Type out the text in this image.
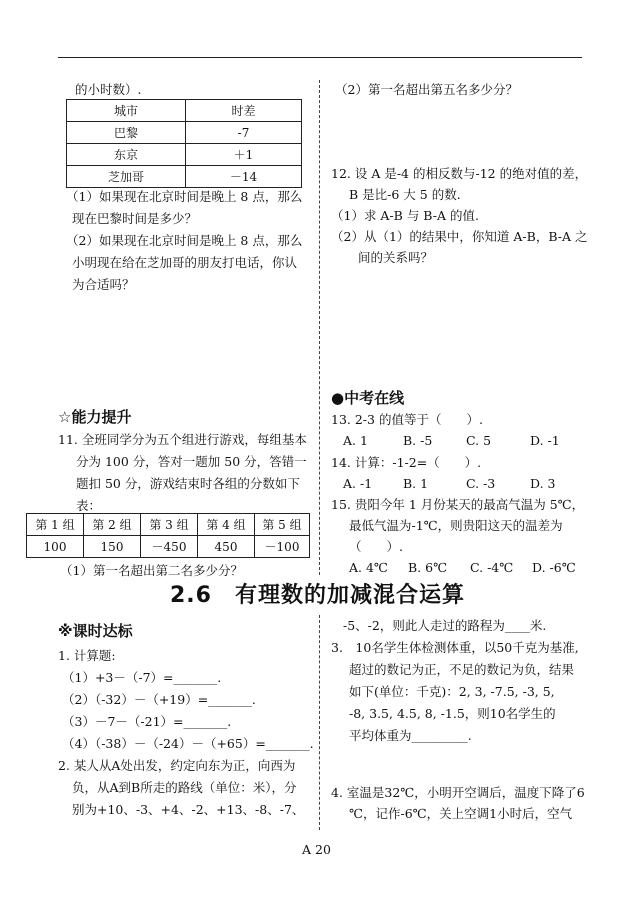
的小时数）.
城市	时差
巴黎	-7
东京	＋1
芝加哥	－14
（1）如果现在北京时间是晚上 8 点，那么
现在巴黎时间是多少？
（2）如果现在北京时间是晚上 8 点，那么
小明现在给在芝加哥的朋友打电话，你认
为合适吗？
☆能力提升
11. 全班同学分为五个组进行游戏，每组基本
分为 100 分，答对一题加 50 分，答错一
题扣 50 分，游戏结束时各组的分数如下
表：
第 1 组	第 2 组	第 3 组	第 4 组	第 5 组
100	150	－450	450	－100
（1）第一名超出第二名多少分？
（2）第一名超出第五名多少分？
12. 设 A 是-4 的相反数与-12 的绝对值的差，
B 是比-6 大 5 的数.
（1）求 A-B 与 B-A 的值.
（2）从（1）的结果中，你知道 A-B，B-A 之
间的关系吗？
●中考在线
13. 2-3 的值等于（　　）.
A. 1	B. -5	C. 5	D. -1
14. 计算：-1-2=（　　）.
A. -1 B. 1	C. -3	D. 3
15. 贵阳今年 1 月份某天的最高气温为 5℃，
最低气温为-1℃，则贵阳这天的温差为
（　　）.
A. 4℃ B. 6℃ C. -4℃ D. -6℃
2.6　有理数的加减混合运算
※课时达标
1. 计算题:
（1）+3－（-7）=_______.
（2）（-32）－（+19）=_______.
（3）－7－（-21）=_______.
（4）（-38）－（-24）－（+65）=_______.
2. 某人从A处出发，约定向东为正，向西为
负，从A到B所走的路线（单位：米），分
别为+10、-3、+4、-2、+13、-8、-7、
-5、-2，则此人走过的路程为____米.
3.　10名学生体检测体重，以50千克为基准,
超过的数记为正，不足的数记为负，结果
如下(单位：千克)：2, 3, -7.5, -3, 5,
-8, 3.5, 4.5, 8, -1.5，则10名学生的
平均体重为_________.
4. 室温是32℃，小明开空调后，温度下降了6
℃，记作-6℃，关上空调1小时后，空气
A 20
